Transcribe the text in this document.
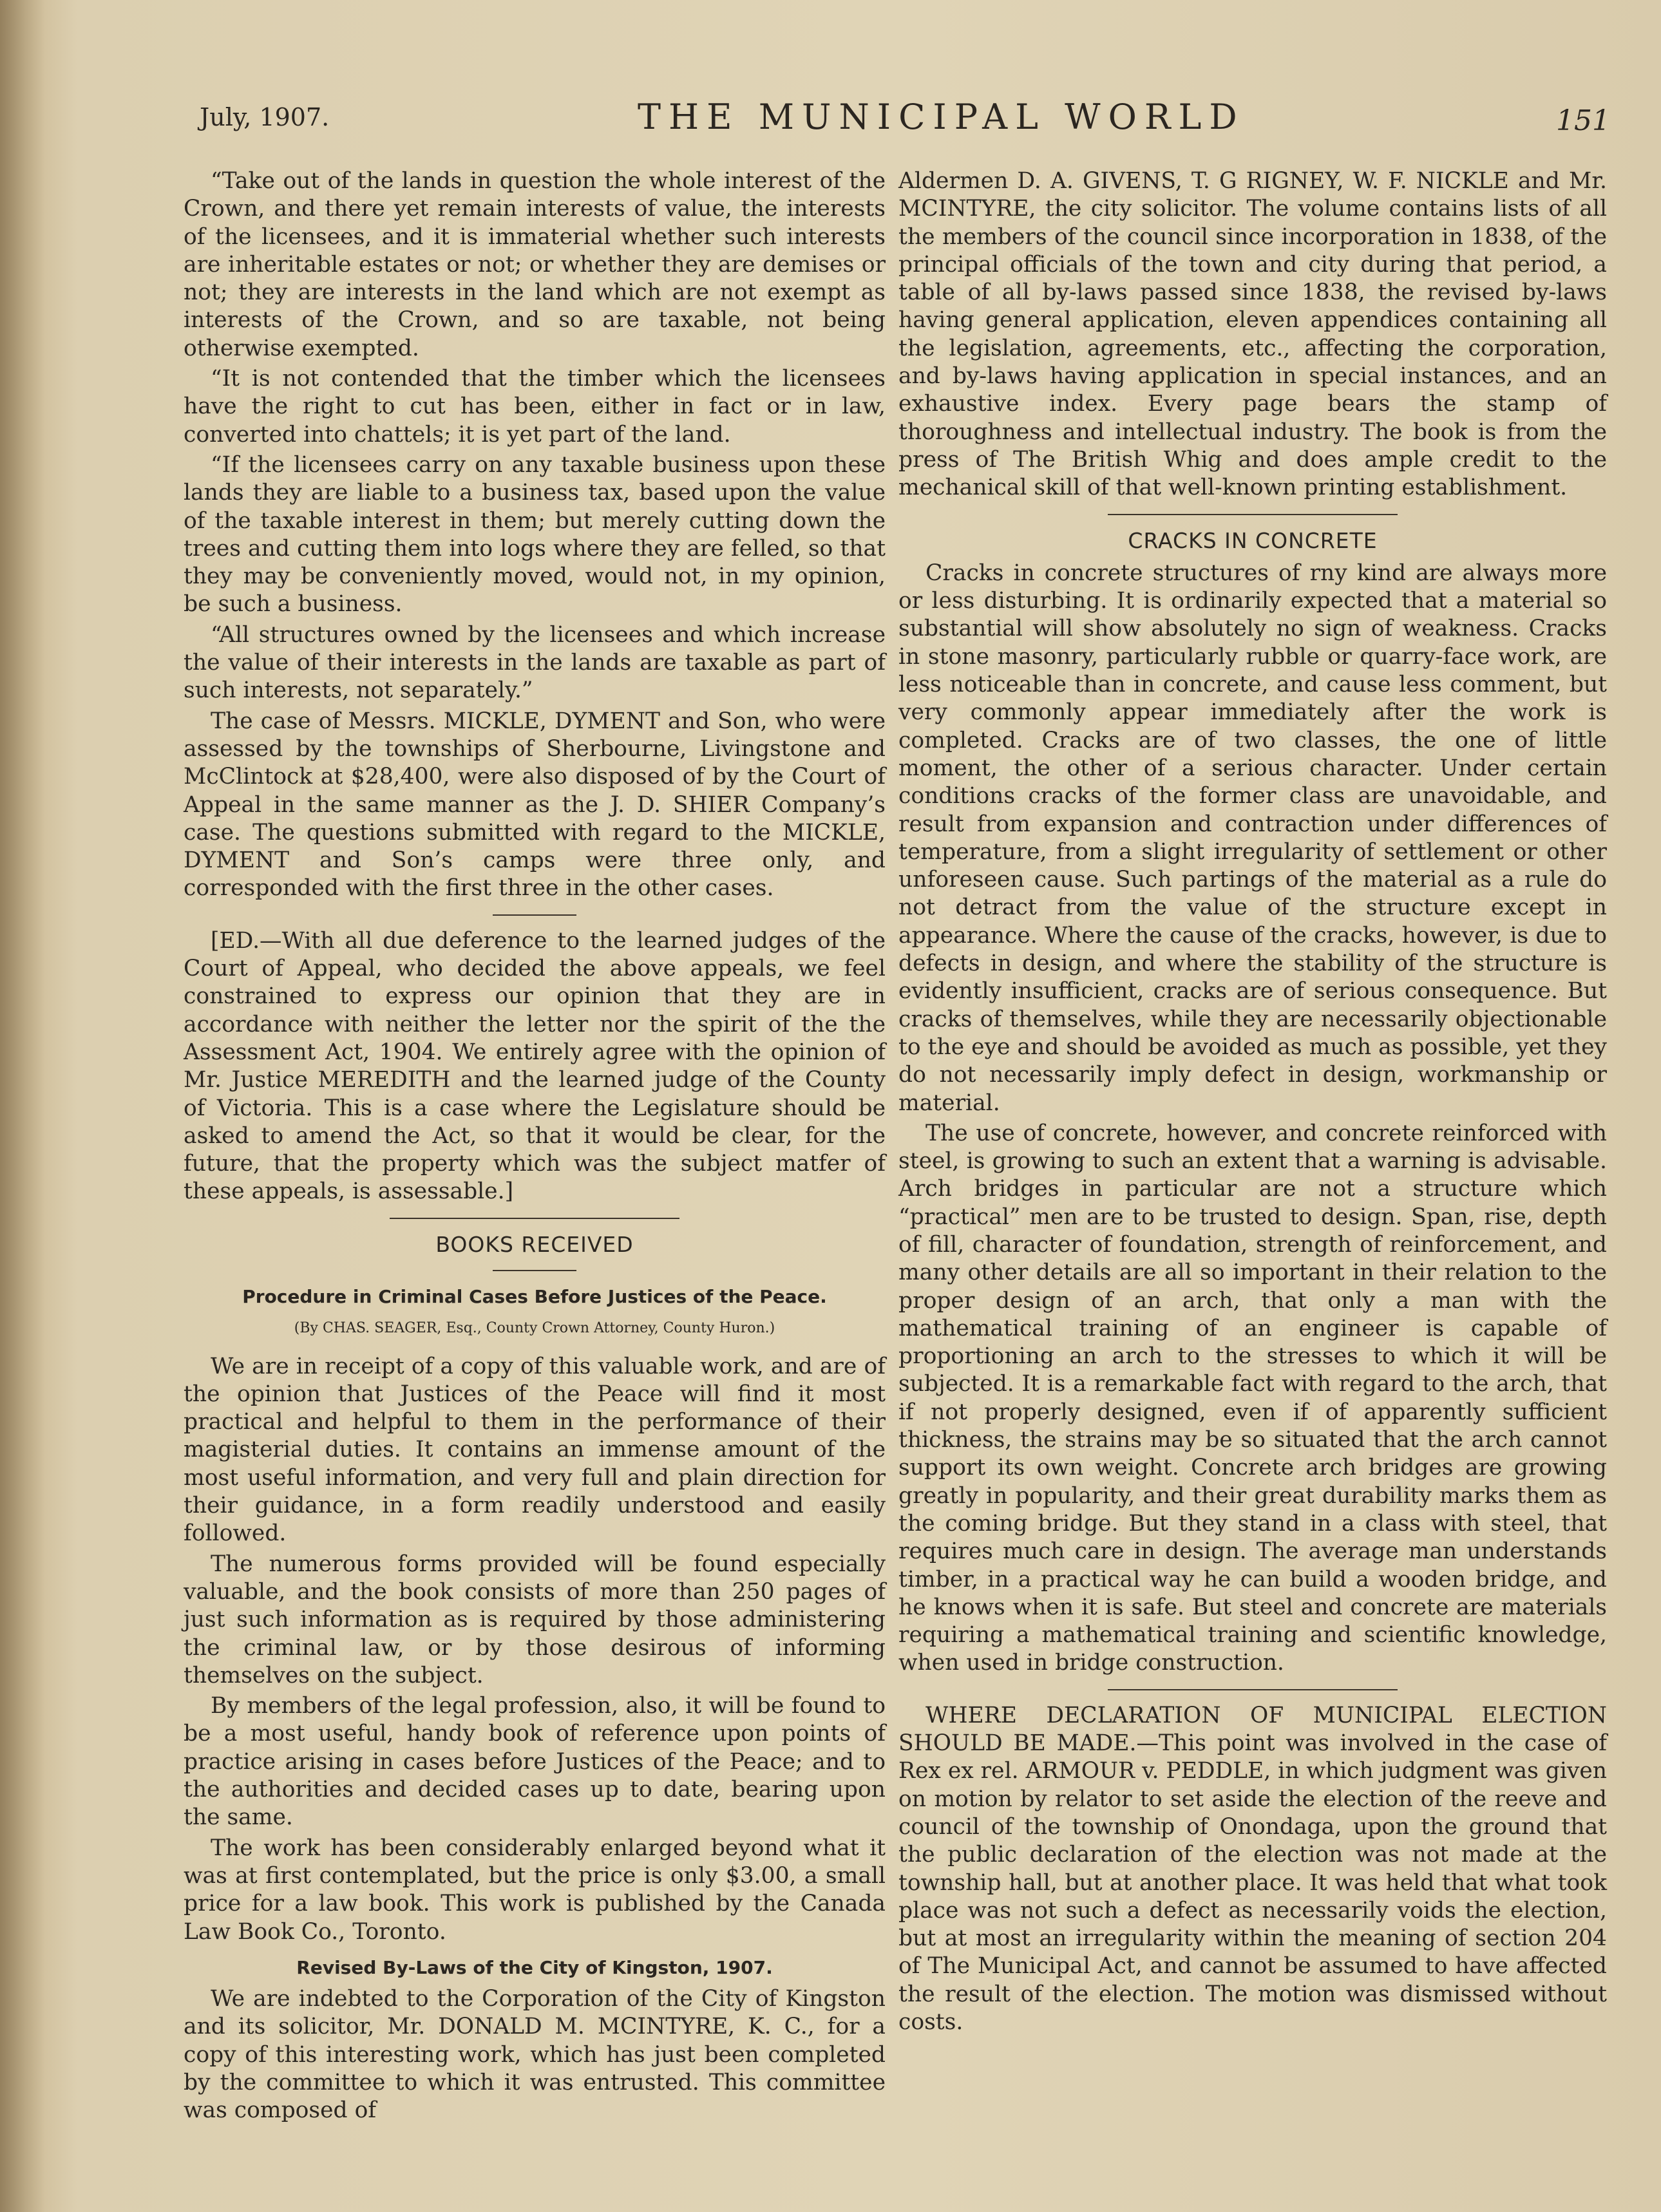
July, 1907.	THE MUNICIPAL WORLD	151

“Take out of the lands in question the whole interest of the Crown, and there yet remain interests of value, the interests of the licensees, and it is immaterial whether such interests are inheritable estates or not; or whether they are demises or not; they are interests in the land which are not exempt as interests of the Crown, and so are taxable, not being otherwise exempted.

“It is not contended that the timber which the licensees have the right to cut has been, either in fact or in law, converted into chattels; it is yet part of the land.

“If the licensees carry on any taxable business upon these lands they are liable to a business tax, based upon the value of the taxable interest in them; but merely cutting down the trees and cutting them into logs where they are felled, so that they may be conveniently moved, would not, in my opinion, be such a business.

“All structures owned by the licensees and which increase the value of their interests in the lands are taxable as part of such interests, not separately.”

The case of Messrs. MICKLE, DYMENT and Son, who were assessed by the townships of Sherbourne, Livingstone and McClintock at $28,400, were also disposed of by the Court of Appeal in the same manner as the J. D. SHIER Company’s case. The questions submitted with regard to the MICKLE, DYMENT and Son’s camps were three only, and corresponded with the first three in the other cases.

[ED.—With all due deference to the learned judges of the Court of Appeal, who decided the above appeals, we feel constrained to express our opinion that they are in accordance with neither the letter nor the spirit of the the Assessment Act, 1904. We entirely agree with the opinion of Mr. Justice MEREDITH and the learned judge of the County of Victoria. This is a case where the Legislature should be asked to amend the Act, so that it would be clear, for the future, that the property which was the subject matfer of these appeals, is assessable.]

BOOKS RECEIVED
Procedure in Criminal Cases Before Justices of the Peace.
(By CHAS. SEAGER, Esq., County Crown Attorney, County Huron.)

We are in receipt of a copy of this valuable work, and are of the opinion that Justices of the Peace will find it most practical and helpful to them in the performance of their magisterial duties. It contains an immense amount of the most useful information, and very full and plain direction for their guidance, in a form readily understood and easily followed.

The numerous forms provided will be found especially valuable, and the book consists of more than 250 pages of just such information as is required by those administering the criminal law, or by those desirous of informing themselves on the subject.

By members of the legal profession, also, it will be found to be a most useful, handy book of reference upon points of practice arising in cases before Justices of the Peace; and to the authorities and decided cases up to date, bearing upon the same.

The work has been considerably enlarged beyond what it was at first contemplated, but the price is only $3.00, a small price for a law book. This work is published by the Canada Law Book Co., Toronto.

Revised By-Laws of the City of Kingston, 1907.

We are indebted to the Corporation of the City of Kingston and its solicitor, Mr. DONALD M. MCINTYRE, K. C., for a copy of this interesting work, which has just been completed by the committee to which it was entrusted. This committee was composed of

Aldermen D. A. GIVENS, T. G RIGNEY, W. F. NICKLE and Mr. MCINTYRE, the city solicitor. The volume contains lists of all the members of the council since incorporation in 1838, of the principal officials of the town and city during that period, a table of all by-laws passed since 1838, the revised by-laws having general application, eleven appendices containing all the legislation, agreements, etc., affecting the corporation, and by-laws having application in special instances, and an exhaustive index. Every page bears the stamp of thoroughness and intellectual industry. The book is from the press of The British Whig and does ample credit to the mechanical skill of that well-known printing establishment.

CRACKS IN CONCRETE

Cracks in concrete structures of rny kind are always more or less disturbing. It is ordinarily expected that a material so substantial will show absolutely no sign of weakness. Cracks in stone masonry, particularly rubble or quarry-face work, are less noticeable than in concrete, and cause less comment, but very commonly appear immediately after the work is completed. Cracks are of two classes, the one of little moment, the other of a serious character. Under certain conditions cracks of the former class are unavoidable, and result from expansion and contraction under differences of temperature, from a slight irregularity of settlement or other unforeseen cause. Such partings of the material as a rule do not detract from the value of the structure except in appearance. Where the cause of the cracks, however, is due to defects in design, and where the stability of the structure is evidently insufficient, cracks are of serious consequence. But cracks of themselves, while they are necessarily objectionable to the eye and should be avoided as much as possible, yet they do not necessarily imply defect in design, workmanship or material.

The use of concrete, however, and concrete reinforced with steel, is growing to such an extent that a warning is advisable. Arch bridges in particular are not a structure which “practical” men are to be trusted to design. Span, rise, depth of fill, character of foundation, strength of reinforcement, and many other details are all so important in their relation to the proper design of an arch, that only a man with the mathematical training of an engineer is capable of proportioning an arch to the stresses to which it will be subjected. It is a remarkable fact with regard to the arch, that if not properly designed, even if of apparently sufficient thickness, the strains may be so situated that the arch cannot support its own weight. Concrete arch bridges are growing greatly in popularity, and their great durability marks them as the coming bridge. But they stand in a class with steel, that requires much care in design. The average man understands timber, in a practical way he can build a wooden bridge, and he knows when it is safe. But steel and concrete are materials requiring a mathematical training and scientific knowledge, when used in bridge construction.

WHERE DECLARATION OF MUNICIPAL ELECTION SHOULD BE MADE.—This point was involved in the case of Rex ex rel. ARMOUR v. PEDDLE, in which judgment was given on motion by relator to set aside the election of the reeve and council of the township of Onondaga, upon the ground that the public declaration of the election was not made at the township hall, but at another place. It was held that what took place was not such a defect as necessarily voids the election, but at most an irregularity within the meaning of section 204 of The Municipal Act, and cannot be assumed to have affected the result of the election. The motion was dismissed without costs.
